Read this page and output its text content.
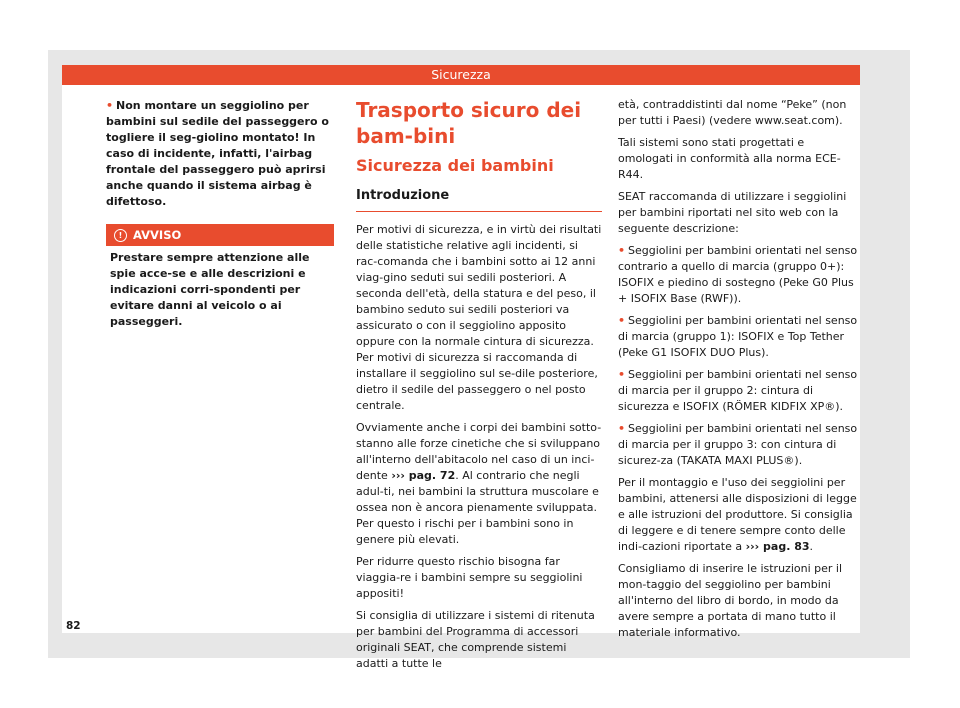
Sicurezza

• Non montare un seggiolino per bambini sul sedile del passeggero o togliere il seg-giolino montato! In caso di incidente, infatti, l'airbag frontale del passeggero può aprirsi anche quando il sistema airbag è difettoso.

! AVVISO
Prestare sempre attenzione alle spie acce-se e alle descrizioni e indicazioni corri-spondenti per evitare danni al veicolo o ai passeggeri.
Trasporto sicuro dei bam-bini
Sicurezza dei bambini
Introduzione

Per motivi di sicurezza, e in virtù dei risultati delle statistiche relative agli incidenti, si rac-comanda che i bambini sotto ai 12 anni viag-gino seduti sui sedili posteriori. A seconda dell'età, della statura e del peso, il bambino seduto sui sedili posteriori va assicurato o con il seggiolino apposito oppure con la normale cintura di sicurezza. Per motivi di sicurezza si raccomanda di installare il seggiolino sul se-dile posteriore, dietro il sedile del passeggero o nel posto centrale.

Ovviamente anche i corpi dei bambini sotto-stanno alle forze cinetiche che si sviluppano all'interno dell'abitacolo nel caso di un inci-dente ››› pag. 72. Al contrario che negli adul-ti, nei bambini la struttura muscolare e ossea non è ancora pienamente sviluppata. Per questo i rischi per i bambini sono in genere più elevati.

Per ridurre questo rischio bisogna far viaggia-re i bambini sempre su seggiolini appositi!

Si consiglia di utilizzare i sistemi di ritenuta per bambini del Programma di accessori originali SEAT, che comprende sistemi adatti a tutte le

età, contraddistinti dal nome “Peke” (non per tutti i Paesi) (vedere www.seat.com).

Tali sistemi sono stati progettati e omologati in conformità alla norma ECE-R44.

SEAT raccomanda di utilizzare i seggiolini per bambini riportati nel sito web con la seguente descrizione:

• Seggiolini per bambini orientati nel senso contrario a quello di marcia (gruppo 0+): ISOFIX e piedino di sostegno (Peke G0 Plus + ISOFIX Base (RWF)).

• Seggiolini per bambini orientati nel senso di marcia (gruppo 1): ISOFIX e Top Tether (Peke G1 ISOFIX DUO Plus).

• Seggiolini per bambini orientati nel senso di marcia per il gruppo 2: cintura di sicurezza e ISOFIX (RÖMER KIDFIX XP®).

• Seggiolini per bambini orientati nel senso di marcia per il gruppo 3: con cintura di sicurez-za (TAKATA MAXI PLUS®).

Per il montaggio e l'uso dei seggiolini per bambini, attenersi alle disposizioni di legge e alle istruzioni del produttore. Si consiglia di leggere e di tenere sempre conto delle indi-cazioni riportate a ››› pag. 83.

Consigliamo di inserire le istruzioni per il mon-taggio del seggiolino per bambini all'interno del libro di bordo, in modo da avere sempre a portata di mano tutto il materiale informativo.

82
